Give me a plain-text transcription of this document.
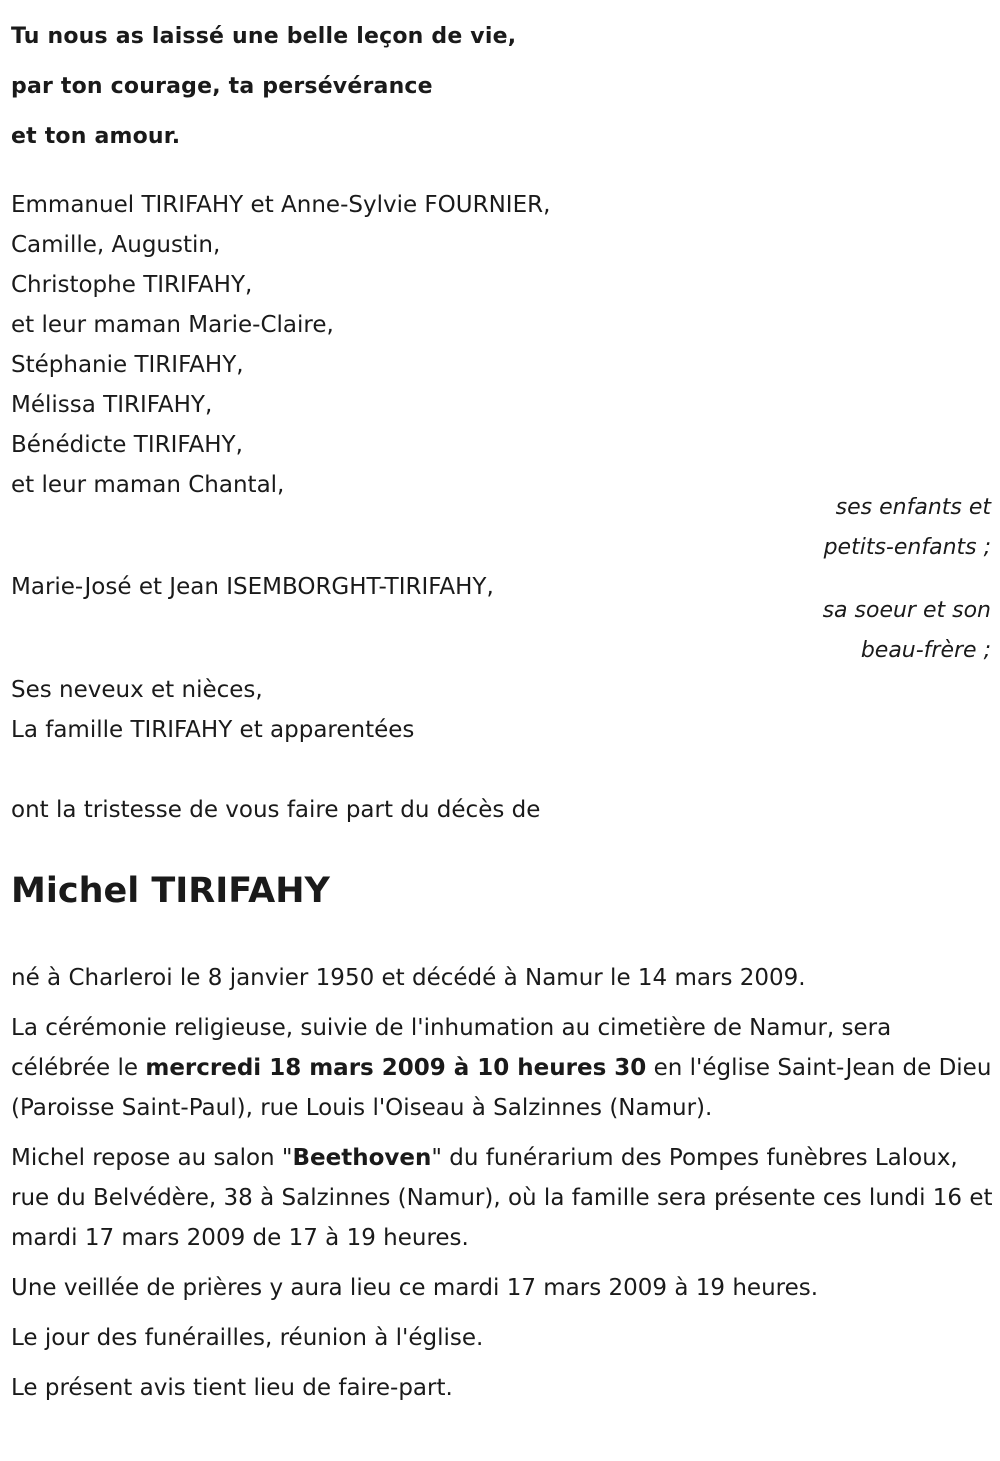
Tu nous as laissé une belle leçon de vie,
par ton courage, ta persévérance
et ton amour.
Emmanuel TIRIFAHY et Anne-Sylvie FOURNIER,
Camille, Augustin,
Christophe TIRIFAHY,
et leur maman Marie-Claire,
Stéphanie TIRIFAHY,
Mélissa TIRIFAHY,
Bénédicte TIRIFAHY,
et leur maman Chantal,
ses enfants et
petits-enfants ;
Marie-José et Jean ISEMBORGHT-TIRIFAHY,
sa soeur et son
beau-frère ;
Ses neveux et nièces,
La famille TIRIFAHY et apparentées
ont la tristesse de vous faire part du décès de
Michel TIRIFAHY

né à Charleroi le 8 janvier 1950 et décédé à Namur le 14 mars 2009.

La cérémonie religieuse, suivie de l'inhumation au cimetière de Namur, sera célébrée le mercredi 18 mars 2009 à 10 heures 30 en l'église Saint-Jean de Dieu (Paroisse Saint-Paul), rue Louis l'Oiseau à Salzinnes (Namur).

Michel repose au salon "Beethoven" du funérarium des Pompes funèbres Laloux, rue du Belvédère, 38 à Salzinnes (Namur), où la famille sera présente ces lundi 16 et mardi 17 mars 2009 de 17 à 19 heures.

Une veillée de prières y aura lieu ce mardi 17 mars 2009 à 19 heures.

Le jour des funérailles, réunion à l'église.

Le présent avis tient lieu de faire-part.
